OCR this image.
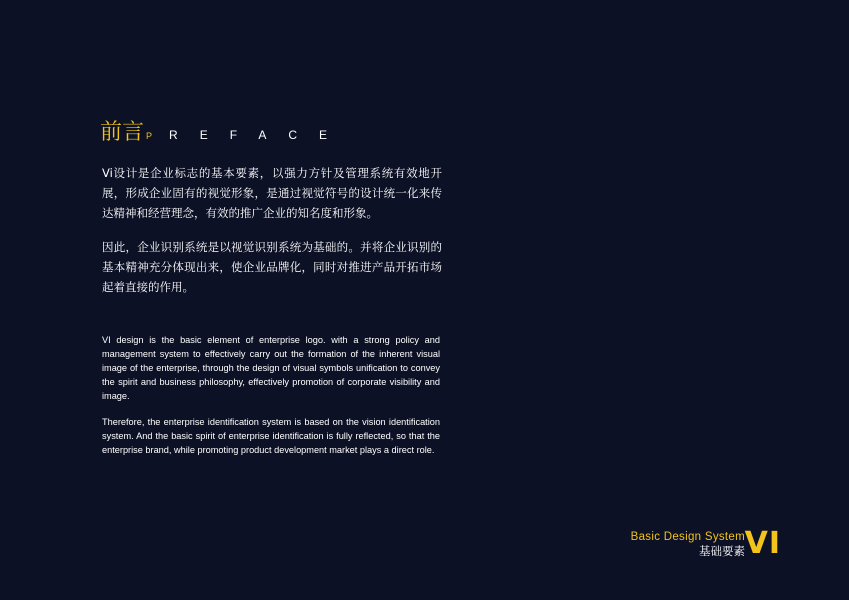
前言 P REFACE

Vi设计是企业标志的基本要素，以强力方针及管理系统有效地开展，形成企业固有的视觉形象，是通过视觉符号的设计统一化来传达精神和经营理念，有效的推广企业的知名度和形象。

因此，企业识别系统是以视觉识别系统为基础的。并将企业识别的基本精神充分体现出来，使企业品牌化，同时对推进产品开拓市场起着直接的作用。

VI design is the basic element of enterprise logo. with a strong policy and management system to effectively carry out the formation of the inherent visual image of the enterprise, through the design of visual symbols unification to convey the spirit and business philosophy, effectively promotion of corporate visibility and image.

Therefore, the enterprise identification system is based on the vision identification system. And the basic spirit of enterprise identification is fully reflected, so that the enterprise brand, while promoting product development market plays a direct role.

Basic Design System
基础要素 VI
